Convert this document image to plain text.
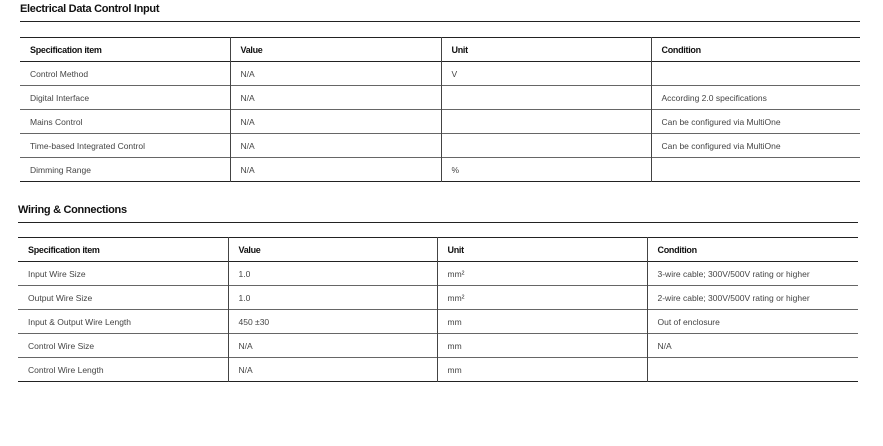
Electrical Data Control Input
Specification item	Value	Unit	Condition
Control Method	N/A	V	
Digital Interface	N/A		According 2.0 specifications
Mains Control	N/A		Can be configured via MultiOne
Time-based Integrated Control	N/A		Can be configured via MultiOne
Dimming Range	N/A	%	
Wiring & Connections
Specification item	Value	Unit	Condition
Input Wire Size	1.0	mm²	3-wire cable; 300V/500V rating or higher
Output Wire Size	1.0	mm²	2-wire cable; 300V/500V rating or higher
Input & Output Wire Length	450 ±30	mm	Out of enclosure
Control Wire Size	N/A	mm	N/A
Control Wire Length	N/A	mm	
